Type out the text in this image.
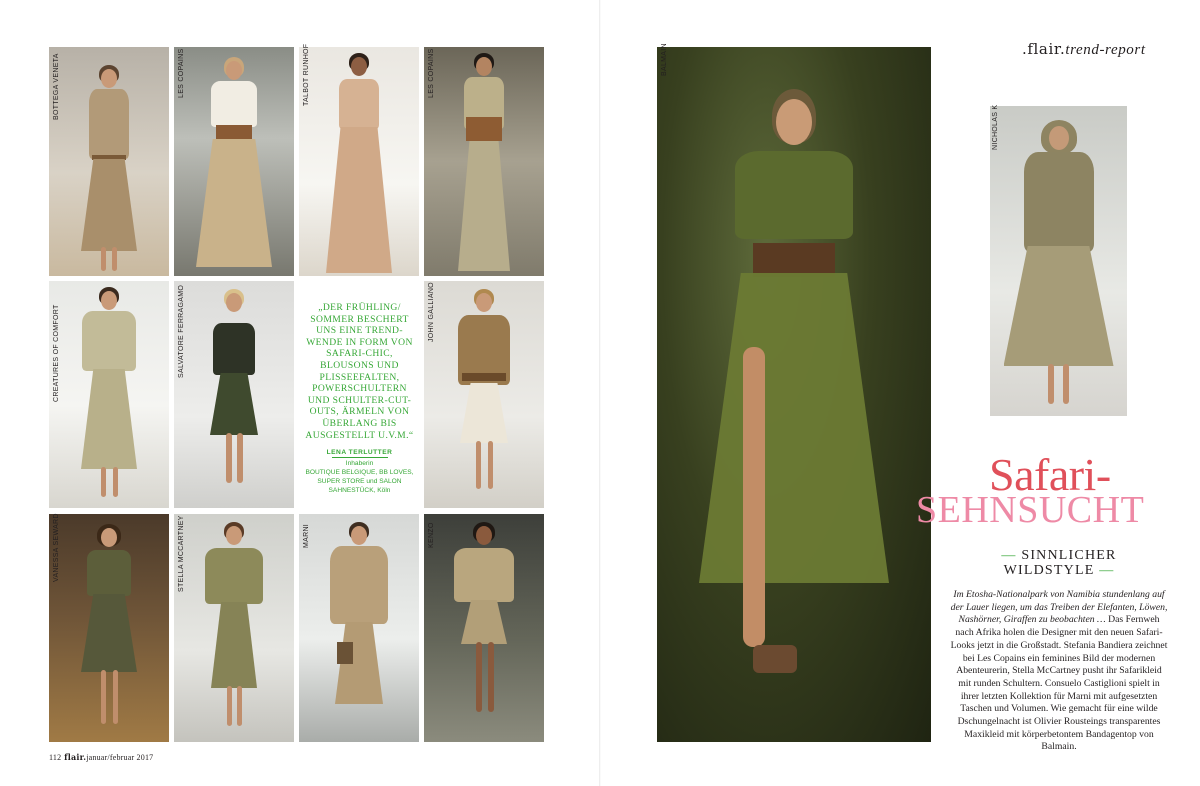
BOTTEGA VENETA	LES COPAINS	TALBOT RUNHOF	LES COPAINS
CREATURES OF COMFORT	SALVATORE FERRAGAMO	„DER FRÜHLING/ SOMMER BESCHERT UNS EINE TREND-WENDE IN FORM VON SAFARI-CHIC, BLOUSONS UND PLISSEEFALTEN, POWERSCHULTERN UND SCHULTER-CUT-OUTS, ÄRMELN VON ÜBERLANG BIS AUSGESTELLT U.V.M.“
LENA TERLUTTER
Inhaberin
BOUTIQUE BELGIQUE, BB LOVES, SUPER STORE und SALON SAHNESTÜCK, Köln
JOHN GALLIANO
VANESSA SEWARD	STELLA MCCARTNEY	MARNI	KENZO
112 flair.januar/februar 2017
.flair.trend-report
BALMAIN
NICHOLAS K
Safari-
SEHNSUCHT
— SINNLICHER
WILDSTYLE —
Im Etosha-Nationalpark von Namibia stundenlang auf der Lauer liegen, um das Treiben der Elefanten, Löwen, Nashörner, Giraffen zu beobachten … Das Fernweh nach Afrika holen die Designer mit den neuen Safari-Looks jetzt in die Großstadt. Stefania Bandiera zeichnet bei Les Copains ein feminines Bild der modernen Abenteurerin, Stella McCartney pusht ihr Safarikleid mit runden Schultern. Consuelo Castiglioni spielt in ihrer letzten Kollektion für Marni mit aufgesetzten Taschen und Volumen. Wie gemacht für eine wilde Dschungelnacht ist Olivier Rousteings transparentes Maxikleid mit körperbetontem Bandagentop von Balmain.
